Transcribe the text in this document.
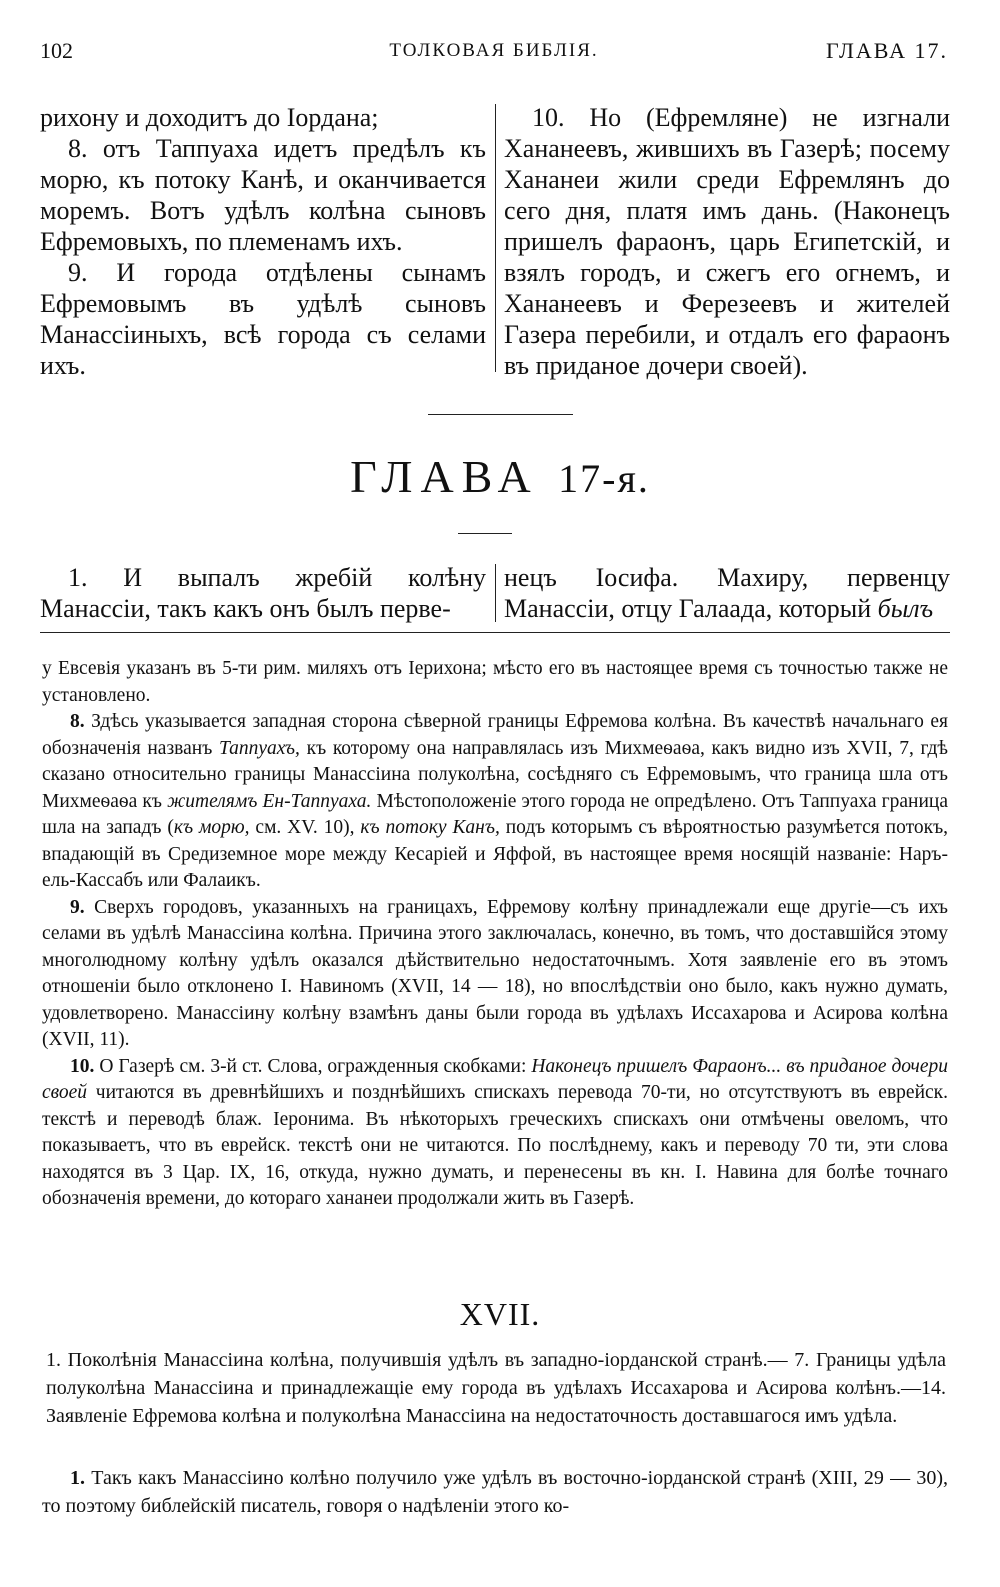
102	ТОЛКОВАЯ БИБЛІЯ.	ГЛАВА 17.

рихону и доходитъ до Іордана;

8. отъ Таппуаха идетъ предѣлъ къ морю, къ потоку Канѣ, и оканчивается моремъ. Вотъ удѣлъ колѣна сыновъ Ефремовыхъ, по племенамъ ихъ.

9. И города отдѣлены сынамъ Ефремовымъ въ удѣлѣ сыновъ Манассіиныхъ, всѣ города съ селами ихъ.

10. Но (Ефремляне) не изгнали Хананеевъ, жившихъ въ Газерѣ; посему Хананеи жили среди Ефремлянъ до сего дня, платя имъ дань. (Наконецъ пришелъ фараонъ, царь Египетскій, и взялъ городъ, и сжегъ его огнемъ, и Хананеевъ и Ферезеевъ и жителей Газера перебили, и отдалъ его фараонъ въ приданое дочери своей).

ГЛАВА 17-я.

1. И выпалъ жребій колѣну Манассіи, такъ какъ онъ былъ перве-

нецъ Іосифа. Махиру, первенцу Манассіи, отцу Галаада, который былъ

у Евсевія указанъ въ 5-ти рим. миляхъ отъ Іерихона; мѣсто его въ настоящее время съ точностью также не установлено.

8. Здѣсь указывается западная сторона сѣверной границы Ефремова колѣна. Въ качествѣ начальнаго ея обозначенія названъ Таппуахъ, къ которому она направлялась изъ Михмеѳаѳа, какъ видно изъ XVII, 7, гдѣ сказано относительно границы Манассіина полуколѣна, сосѣдняго съ Ефремовымъ, что граница шла отъ Михмеѳаѳа къ жителямъ Ен-Таппуаха. Мѣстоположеніе этого города не опредѣлено. Отъ Таппуаха граница шла на западъ (къ морю, см. XV. 10), къ потоку Канъ, подъ которымъ съ вѣроятностью разумѣется потокъ, впадающій въ Средиземное море между Кесаріей и Яффой, въ настоящее время носящій названіе: Наръ-ель-Кассабъ или Фалаикъ.

9. Сверхъ городовъ, указанныхъ на границахъ, Ефремову колѣну принадлежали еще другіе—съ ихъ селами въ удѣлѣ Манассіина колѣна. Причина этого заключалась, конечно, въ томъ, что доставшійся этому многолюдному колѣну удѣлъ оказался дѣйствительно недостаточнымъ. Хотя заявленіе его въ этомъ отношеніи было отклонено І. Навиномъ (XVII, 14 — 18), но впослѣдствіи оно было, какъ нужно думать, удовлетворено. Манассіину колѣну взамѣнъ даны были города въ удѣлахъ Иссахарова и Асирова колѣна (XVII, 11).

10. О Газерѣ см. 3-й ст. Слова, огражденныя скобками: Наконецъ пришелъ Фараонъ... въ приданое дочери своей читаются въ древнѣйшихъ и позднѣйшихъ спискахъ перевода 70-ти, но отсутствуютъ въ еврейск. текстѣ и переводѣ блаж. Іеронима. Въ нѣкоторыхъ греческихъ спискахъ они отмѣчены овеломъ, что показываетъ, что въ еврейск. текстѣ они не читаются. По послѣднему, какъ и переводу 70 ти, эти слова находятся въ 3 Цар. IX, 16, откуда, нужно думать, и перенесены въ кн. І. Навина для болѣе точнаго обозначенія времени, до котораго хананеи продолжали жить въ Газерѣ.

XVII.

1. Поколѣнія Манассіина колѣна, получившія удѣлъ въ западно-іорданской странѣ.— 7. Границы удѣла полуколѣна Манассіина и принадлежащіе ему города въ удѣлахъ Иссахарова и Асирова колѣнъ.—14. Заявленіе Ефремова колѣна и полуколѣна Манассіина на недостаточность доставшагося имъ удѣла.

1. Такъ какъ Манассіино колѣно получило уже удѣлъ въ восточно-іорданской странѣ (XIII, 29 — 30), то поэтому библейскій писатель, говоря о надѣленіи этого ко-
